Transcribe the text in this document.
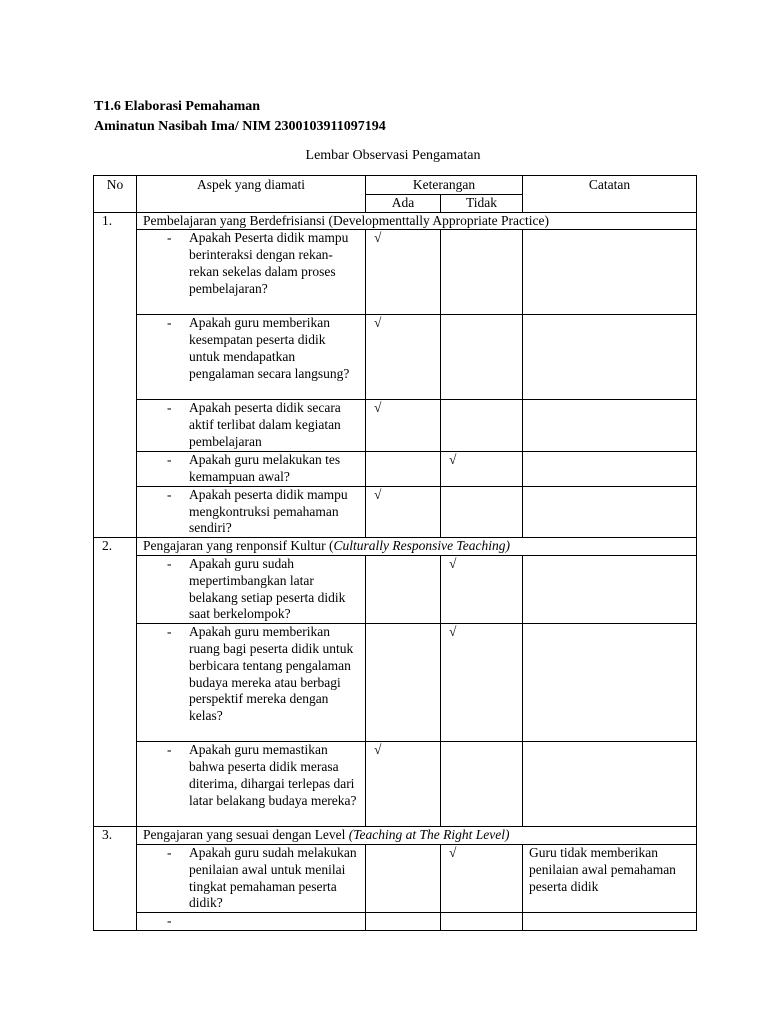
T1.6 Elaborasi Pemahaman
Aminatun Nasibah Ima/ NIM 2300103911097194
Lembar Observasi Pengamatan
No	Aspek yang diamati	Keterangan		Catatan
		Ada	Tidak	
1.	Pembelajaran yang Berdefrisiansi (Developmenttally Appropriate Practice)			

	- Apakah Peserta didik mampu berinteraksi dengan rekan-rekan sekelas dalam proses pembelajaran?	√		

	- Apakah guru memberikan kesempatan peserta didik untuk mendapatkan pengalaman secara langsung?	√		

	- Apakah peserta didik secara aktif terlibat dalam kegiatan pembelajaran	√		

	- Apakah guru melakukan tes kemampuan awal?		√	

	- Apakah peserta didik mampu mengkontruksi pemahaman sendiri?	√		
2.	Pengajaran yang renponsif Kultur (Culturally Responsive Teaching)			

	- Apakah guru sudah mepertimbangkan latar belakang setiap peserta didik saat berkelompok?		√	

	- Apakah guru memberikan ruang bagi peserta didik untuk berbicara tentang pengalaman budaya mereka atau berbagi perspektif mereka dengan kelas?		√	

	- Apakah guru memastikan bahwa peserta didik merasa diterima, dihargai terlepas dari latar belakang budaya mereka?	√		
3.	Pengajaran yang sesuai dengan Level (Teaching at The Right Level)			

	- Apakah guru sudah melakukan penilaian awal untuk menilai tingkat pemahaman peserta didik?		√	Guru tidak memberikan penilaian awal pemahaman peserta didik

	-			
